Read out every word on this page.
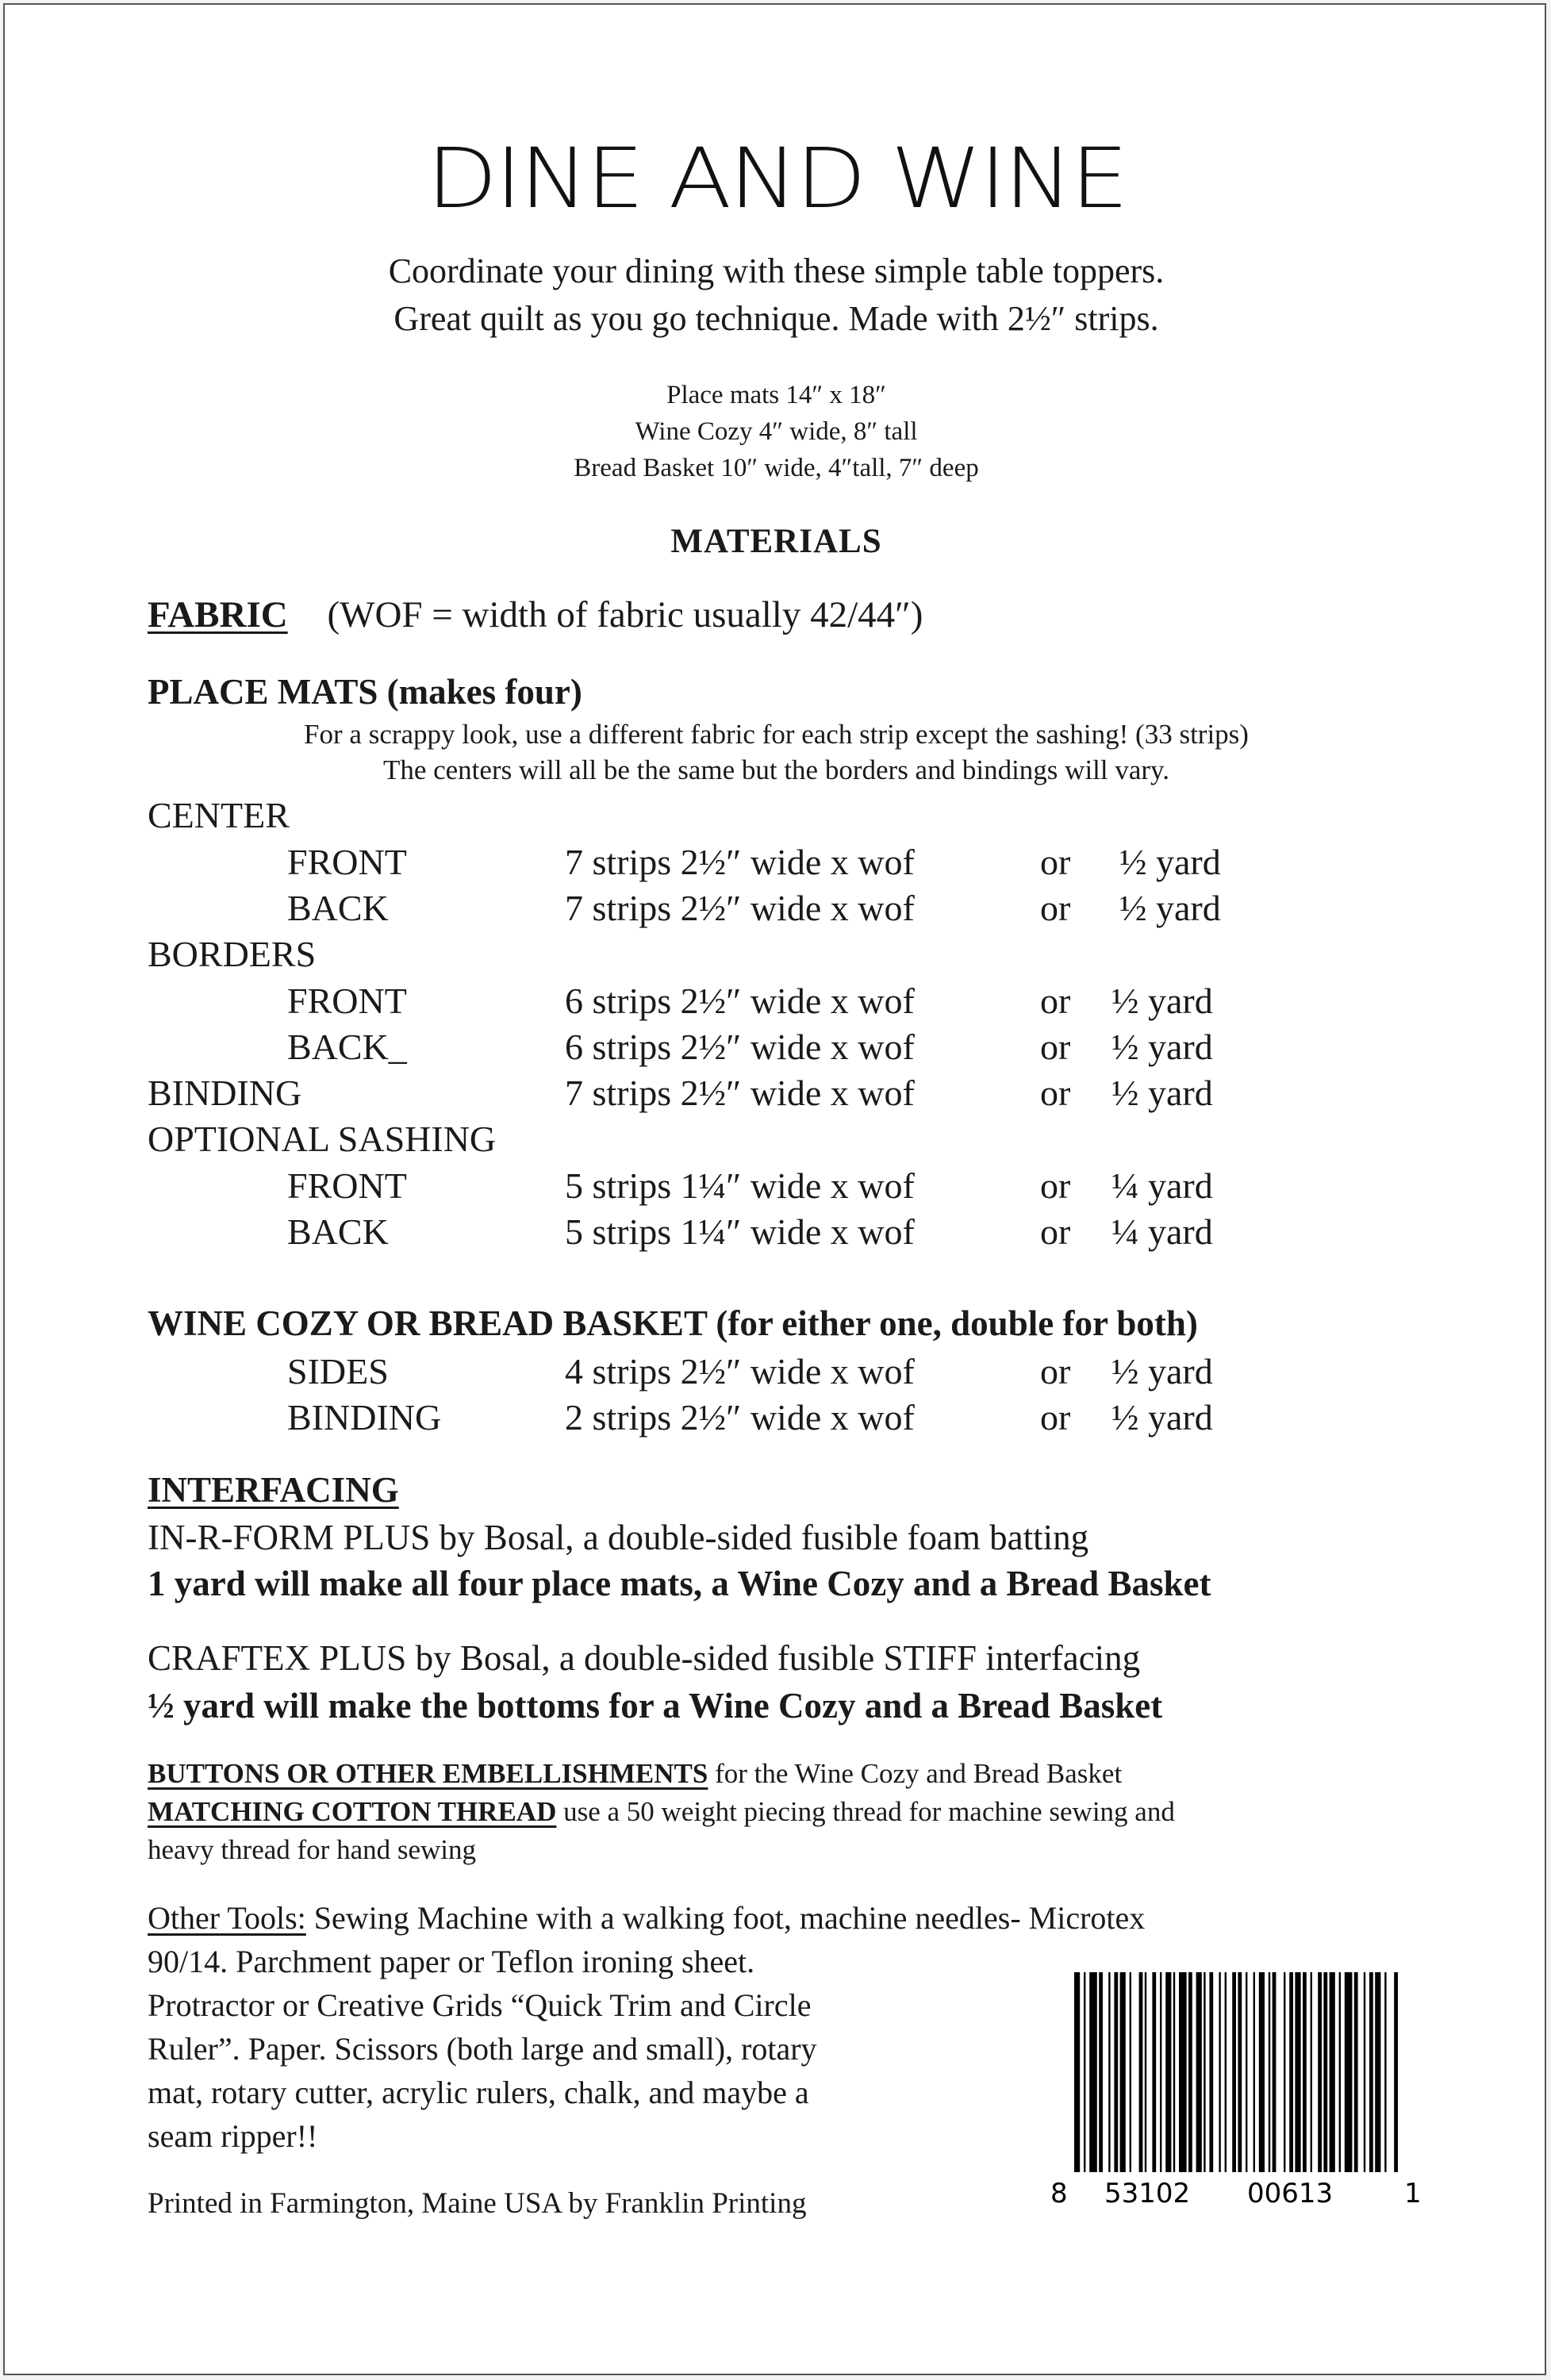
DINE AND WINE
Coordinate your dining with these simple table toppers.
Great quilt as you go technique. Made with 2½″ strips.
Place mats 14″ x 18″
Wine Cozy 4″ wide, 8″ tall
Bread Basket 10″ wide, 4″tall, 7″ deep
MATERIALS
FABRIC (WOF = width of fabric usually 42/44″)
PLACE MATS (makes four)
For a scrappy look, use a different fabric for each strip except the sashing! (33 strips)
The centers will all be the same but the borders and bindings will vary.
CENTER
FRONT	7 strips 2½″ wide x wof	or ½ yard
BACK	7 strips 2½″ wide x wof	or ½ yard
BORDERS
FRONT	6 strips 2½″ wide x wof	or ½ yard
BACK_	6 strips 2½″ wide x wof	or ½ yard
BINDING	7 strips 2½″ wide x wof	or ½ yard
OPTIONAL SASHING
FRONT	5 strips 1¼″ wide x wof	or ¼ yard
BACK	5 strips 1¼″ wide x wof	or ¼ yard
WINE COZY OR BREAD BASKET (for either one, double for both)
SIDES	4 strips 2½″ wide x wof	or ½ yard
BINDING	2 strips 2½″ wide x wof	or ½ yard
INTERFACING
IN-R-FORM PLUS by Bosal, a double-sided fusible foam batting
1 yard will make all four place mats, a Wine Cozy and a Bread Basket
CRAFTEX PLUS by Bosal, a double-sided fusible STIFF interfacing
½ yard will make the bottoms for a Wine Cozy and a Bread Basket
BUTTONS OR OTHER EMBELLISHMENTS for the Wine Cozy and Bread Basket
MATCHING COTTON THREAD use a 50 weight piecing thread for machine sewing and
heavy thread for hand sewing
Other Tools: Sewing Machine with a walking foot, machine needles- Microtex
90/14. Parchment paper or Teflon ironing sheet.
Protractor or Creative Grids “Quick Trim and Circle
Ruler”. Paper. Scissors (both large and small), rotary
mat, rotary cutter, acrylic rulers, chalk, and maybe a
seam ripper!!
Printed in Farmington, Maine USA by Franklin Printing	8 53102 00613	1
